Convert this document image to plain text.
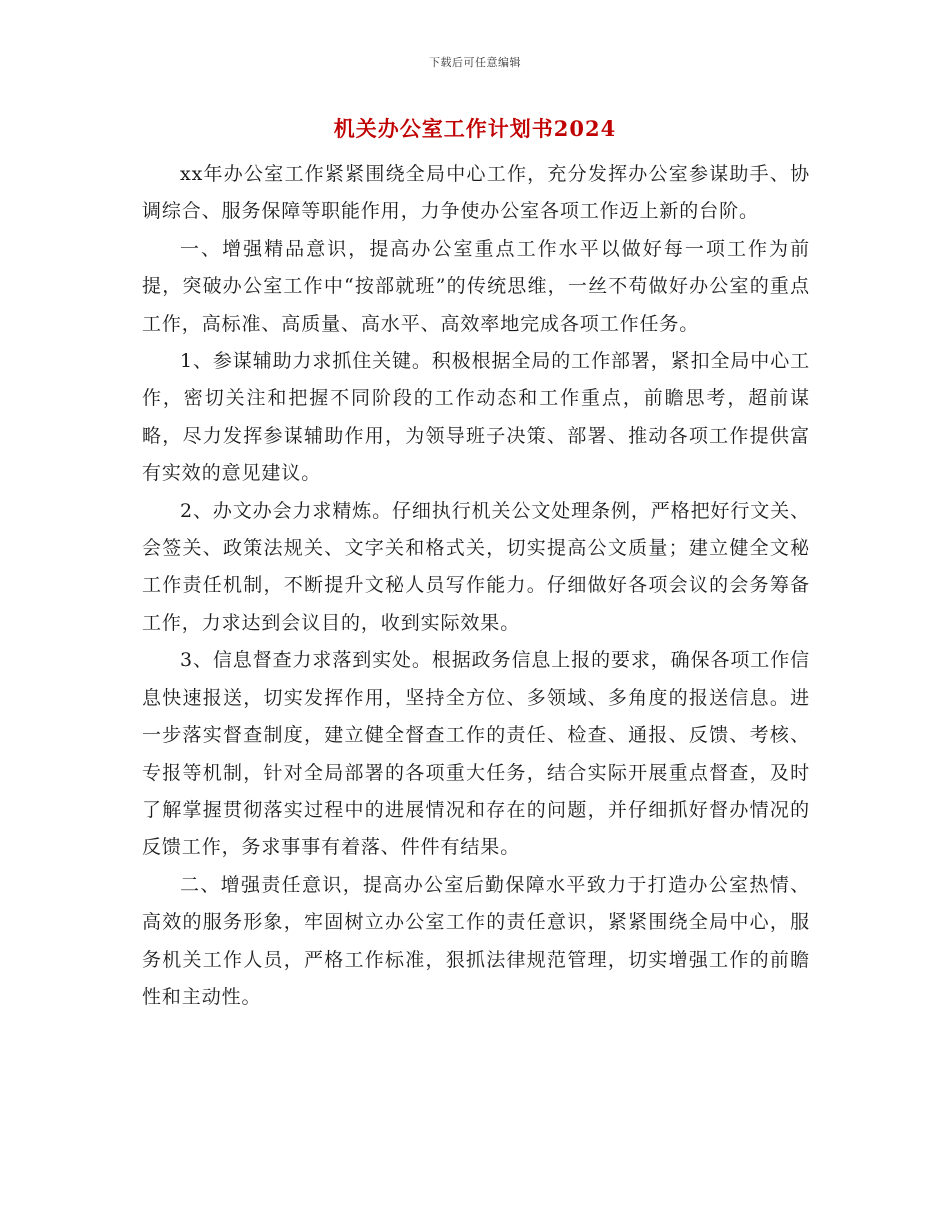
下载后可任意编辑
机关办公室工作计划书2024

xx年办公室工作紧紧围绕全局中心工作，充分发挥办公室参谋助手、协调综合、服务保障等职能作用，力争使办公室各项工作迈上新的台阶。

一、增强精品意识，提高办公室重点工作水平以做好每一项工作为前提，突破办公室工作中“按部就班”的传统思维，一丝不苟做好办公室的重点工作，高标准、高质量、高水平、高效率地完成各项工作任务。

1、参谋辅助力求抓住关键。积极根据全局的工作部署，紧扣全局中心工作，密切关注和把握不同阶段的工作动态和工作重点，前瞻思考，超前谋略，尽力发挥参谋辅助作用，为领导班子决策、部署、推动各项工作提供富有实效的意见建议。

2、办文办会力求精炼。仔细执行机关公文处理条例，严格把好行文关、会签关、政策法规关、文字关和格式关，切实提高公文质量；建立健全文秘工作责任机制，不断提升文秘人员写作能力。仔细做好各项会议的会务筹备工作，力求达到会议目的，收到实际效果。

3、信息督查力求落到实处。根据政务信息上报的要求，确保各项工作信息快速报送，切实发挥作用，坚持全方位、多领域、多角度的报送信息。进一步落实督查制度，建立健全督查工作的责任、检查、通报、反馈、考核、专报等机制，针对全局部署的各项重大任务，结合实际开展重点督查，及时了解掌握贯彻落实过程中的进展情况和存在的问题，并仔细抓好督办情况的反馈工作，务求事事有着落、件件有结果。

二、增强责任意识，提高办公室后勤保障水平致力于打造办公室热情、高效的服务形象，牢固树立办公室工作的责任意识，紧紧围绕全局中心，服务机关工作人员，严格工作标准，狠抓法律规范管理，切实增强工作的前瞻性和主动性。
